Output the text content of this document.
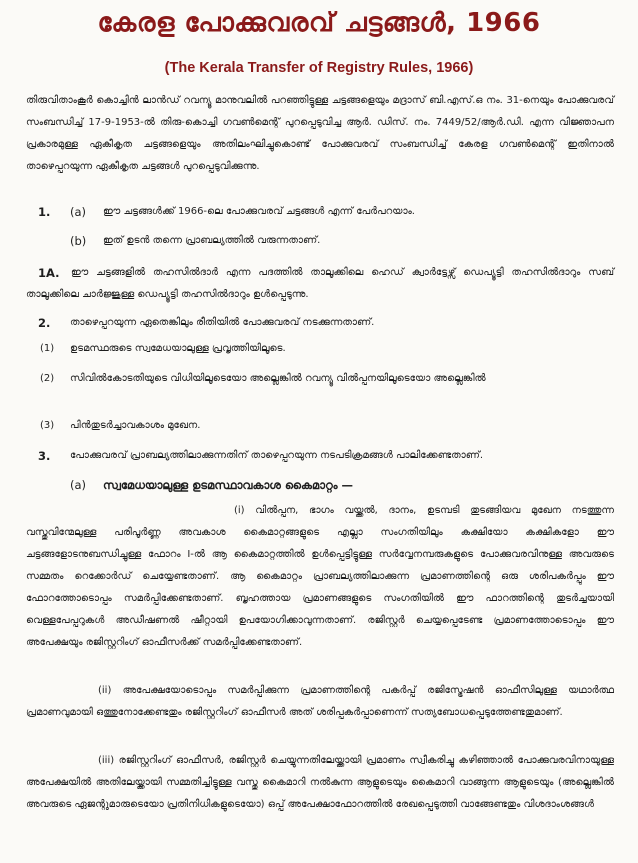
കേരള പോക്കുവരവ് ചട്ടങ്ങൾ, 1966
(The Kerala Transfer of Registry Rules, 1966)
തിരുവിതാംകൂർ കൊച്ചിൻ ലാൻഡ് റവന്യൂ മാനുവലിൽ പറഞ്ഞിട്ടുള്ള ചട്ടങ്ങളെയും മദ്രാസ് ബി.എസ്.ഒ നം. 31-നെയും പോക്കുവരവ് സംബന്ധിച്ച് 17-9-1953-ൽ തിരു-കൊച്ചി ഗവൺമെന്റ് പുറപ്പെടുവിച്ച ആർ. ഡിസ്. നം. 7449/52/ആർ.ഡി. എന്ന വിജ്ഞാപന പ്രകാരമുള്ള ഏകീകൃത ചട്ടങ്ങളെയും അതിലംഘിച്ചുകൊണ്ട് പോക്കുവരവ് സംബന്ധിച്ച് കേരള ഗവൺമെന്റ് ഇതിനാൽ താഴെപ്പറയുന്ന ഏകീകൃത ചട്ടങ്ങൾ പുറപ്പെടുവിക്കുന്നു.
1. (a) ഈ ചട്ടങ്ങൾക്ക് 1966-ലെ പോക്കുവരവ് ചട്ടങ്ങൾ എന്ന് പേർപറയാം.
(b) ഇത് ഉടൻ തന്നെ പ്രാബല്യത്തിൽ വരുന്നതാണ്.
1A.	ഈ ചട്ടങ്ങളിൽ തഹസിൽദാർ എന്ന പദത്തിൽ താലൂക്കിലെ ഹെഡ് ക്വാർട്ടേഴ്സ് ഡെപ്യൂട്ടി തഹസിൽദാറും സബ് താലൂക്കിലെ ചാർജ്ജുള്ള ഡെപ്യൂട്ടി തഹസിൽദാറും ഉൾപ്പെടുന്നു.
2. താഴെപ്പറയുന്ന ഏതെങ്കിലും രീതിയിൽ പോക്കുവരവ് നടക്കുന്നതാണ്.
(1) ഉടമസ്ഥരുടെ സ്വമേധയാലുള്ള പ്രവൃത്തിയിലൂടെ.
(2)	സിവിൽകോടതിയുടെ വിധിയിലൂടെയോ അല്ലെങ്കിൽ റവന്യൂ വിൽപ്പനയിലൂടെയോ അല്ലെങ്കിൽ
(3) പിൻതുടർച്ചാവകാശം മുഖേന.
3. പോക്കുവരവ് പ്രാബല്യത്തിലാക്കുന്നതിന് താഴെപ്പറയുന്ന നടപടിക്രമങ്ങൾ പാലിക്കേണ്ടതാണ്.
(a) സ്വമേധയാലുള്ള ഉടമസ്ഥാവകാശ കൈമാറ്റം —
(i) വിൽപ്പന, ഭാഗം വയ്ക്കൽ, ദാനം, ഉടമ്പടി തുടങ്ങിയവ മുഖേന നടത്തുന്ന വസ്തുവിന്മേലുള്ള പരിപൂർണ്ണ അവകാശ കൈമാറ്റങ്ങളുടെ എല്ലാ സംഗതിയിലും കക്ഷിയോ കക്ഷികളോ ഈ ചട്ടങ്ങളോടനുബന്ധിച്ചുള്ള ഫോറം I-ൽ ആ കൈമാറ്റത്തിൽ ഉൾപ്പെട്ടിട്ടുള്ള സർവ്വേനമ്പരുകളുടെ പോക്കുവരവിനുള്ള അവരുടെ സമ്മതം റെക്കോർഡ് ചെയ്യേണ്ടതാണ്. ആ കൈമാറ്റം പ്രാബല്യത്തിലാക്കുന്ന പ്രമാണത്തിന്റെ ഒരു ശരിപകർപ്പും ഈ ഫോറത്തോടൊപ്പം സമർപ്പിക്കേണ്ടതാണ്. ബൃഹത്തായ പ്രമാണങ്ങളുടെ സംഗതിയിൽ ഈ ഫാറത്തിന്റെ തുടർച്ചയായി വെള്ളപേപ്പറുകൾ അഡീഷണൽ ഷീറ്റായി ഉപയോഗിക്കാവുന്നതാണ്. രജിസ്റ്റർ ചെയ്യപ്പെടേണ്ട പ്രമാണത്തോടൊപ്പം ഈ അപേക്ഷയും രജിസ്റ്ററിംഗ് ഓഫീസർക്ക് സമർപ്പിക്കേണ്ടതാണ്.
(ii) അപേക്ഷയോടൊപ്പം സമർപ്പിക്കുന്ന പ്രമാണത്തിന്റെ പകർപ്പ് രജിസ്ട്രേഷൻ ഓഫീസിലുള്ള യഥാർത്ഥ പ്രമാണവുമായി ഒത്തുനോക്കേണ്ടതും രജിസ്റ്ററിംഗ് ഓഫീസർ അത് ശരിപ്പകർപ്പാണെന്ന് സത്യബോധപ്പെടുത്തേണ്ടതുമാണ്.
(iii) രജിസ്റ്ററിംഗ് ഓഫീസർ, രജിസ്റ്റർ ചെയ്യുന്നതിലേയ്ക്കായി പ്രമാണം സ്വീകരിച്ചു കഴിഞ്ഞാൽ പോക്കുവരവിനായുള്ള അപേക്ഷയിൽ അതിലേയ്ക്കായി സമ്മതിച്ചിട്ടുള്ള വസ്തു കൈമാറി നൽകുന്ന ആളുടെയും കൈമാറി വാങ്ങുന്ന ആളുടെയും (അല്ലെങ്കിൽ അവരുടെ ഏജന്റുമാരുടെയോ പ്രതിനിധികളുടെയോ) ഒപ്പ് അപേക്ഷാഫോറത്തിൽ രേഖപ്പെടുത്തി വാങ്ങേണ്ടതും വിശദാംശങ്ങൾ
